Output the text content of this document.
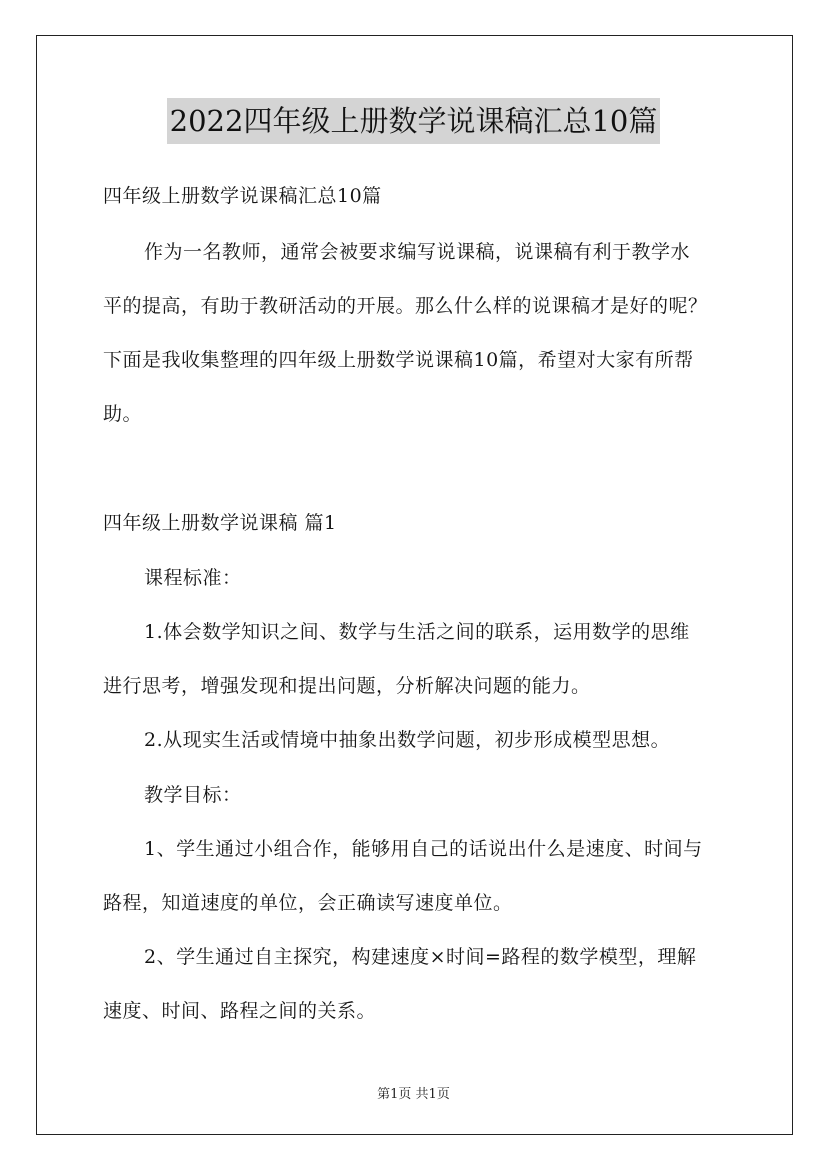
2022四年级上册数学说课稿汇总10篇
四年级上册数学说课稿汇总10篇
作为一名教师，通常会被要求编写说课稿，说课稿有利于教学水
平的提高，有助于教研活动的开展。那么什么样的说课稿才是好的呢？
下面是我收集整理的四年级上册数学说课稿10篇，希望对大家有所帮
助。
四年级上册数学说课稿 篇1
课程标准：
1.体会数学知识之间、数学与生活之间的联系，运用数学的思维
进行思考，增强发现和提出问题，分析解决问题的能力。
2.从现实生活或情境中抽象出数学问题，初步形成模型思想。
教学目标：
1、学生通过小组合作，能够用自己的话说出什么是速度、时间与
路程，知道速度的单位，会正确读写速度单位。
2、学生通过自主探究，构建速度×时间=路程的数学模型，理解
速度、时间、路程之间的关系。
第1页 共1页
